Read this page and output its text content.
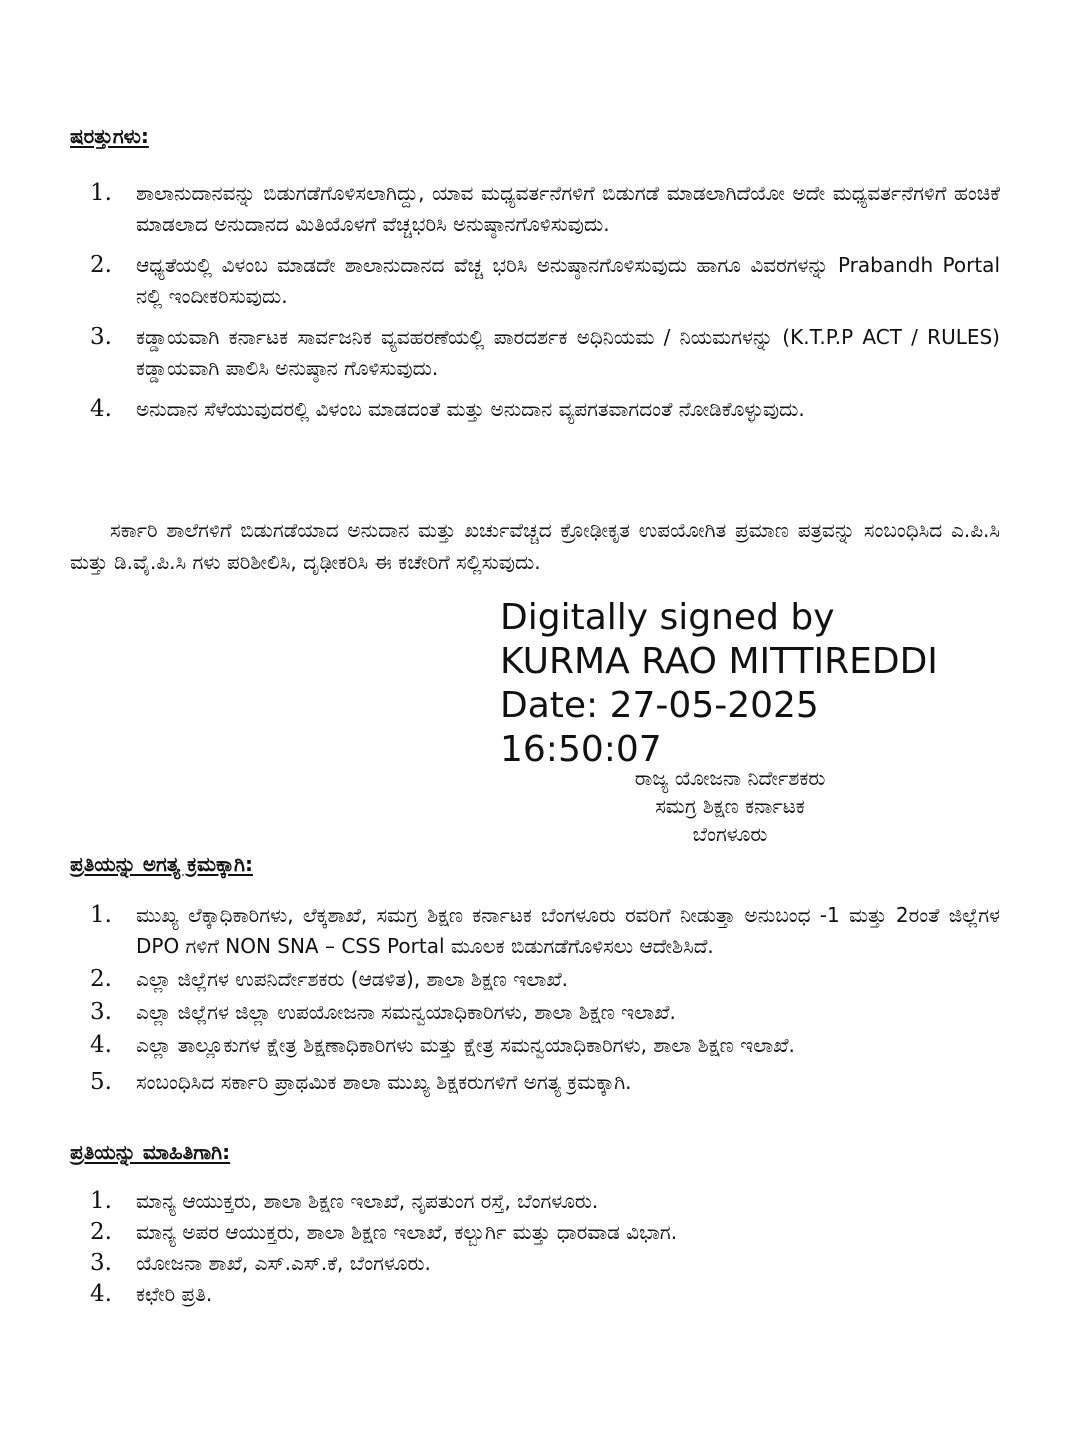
ಷರತ್ತುಗಳು:
1.	ಶಾಲಾನುದಾನವನ್ನು ಬಿಡುಗಡೆಗೊಳಿಸಲಾಗಿದ್ದು, ಯಾವ ಮಧ್ಯವರ್ತನೆಗಳಿಗೆ ಬಿಡುಗಡೆ ಮಾಡಲಾಗಿದೆಯೋ ಅದೇ ಮಧ್ಯವರ್ತನೆಗಳಿಗೆ ಹಂಚಿಕೆ ಮಾಡಲಾದ ಅನುದಾನದ ಮಿತಿಯೊಳಗೆ ವೆಚ್ಚಭರಿಸಿ ಅನುಷ್ಠಾನಗೊಳಿಸುವುದು.
2.	ಆಧ್ಯತೆಯಲ್ಲಿ ವಿಳಂಬ ಮಾಡದೇ ಶಾಲಾನುದಾನದ ವೆಚ್ಚ ಭರಿಸಿ ಅನುಷ್ಠಾನಗೊಳಿಸುವುದು ಹಾಗೂ ವಿವರಗಳನ್ನು Prabandh Portal ನಲ್ಲಿ ಇಂದೀಕರಿಸುವುದು.
3.	ಕಡ್ಡಾಯವಾಗಿ ಕರ್ನಾಟಕ ಸಾರ್ವಜನಿಕ ವ್ಯವಹರಣೆಯಲ್ಲಿ ಪಾರದರ್ಶಕ ಅಧಿನಿಯಮ / ನಿಯಮಗಳನ್ನು (K.T.P.P ACT / RULES) ಕಡ್ಡಾಯವಾಗಿ ಪಾಲಿಸಿ ಅನುಷ್ಠಾನ ಗೊಳಿಸುವುದು.
4.	ಅನುದಾನ ಸೆಳೆಯುವುದರಲ್ಲಿ ವಿಳಂಬ ಮಾಡದಂತೆ ಮತ್ತು ಅನುದಾನ ವ್ಯಪಗತವಾಗದಂತೆ ನೋಡಿಕೊಳ್ಳುವುದು.

ಸರ್ಕಾರಿ ಶಾಲೆಗಳಿಗೆ ಬಿಡುಗಡೆಯಾದ ಅನುದಾನ ಮತ್ತು ಖರ್ಚುವೆಚ್ಚದ ಕ್ರೋಢೀಕೃತ ಉಪಯೋಗಿತ ಪ್ರಮಾಣ ಪತ್ರವನ್ನು ಸಂಬಂಧಿಸಿದ ಎ.ಪಿ.ಸಿ ಮತ್ತು ಡಿ.ವೈ.ಪಿ.ಸಿ ಗಳು ಪರಿಶೀಲಿಸಿ, ದೃಢೀಕರಿಸಿ ಈ ಕಚೇರಿಗೆ ಸಲ್ಲಿಸುವುದು.

Digitally signed by
KURMA RAO MITTIREDDI
Date: 27-05-2025
16:50:07
ರಾಜ್ಯ ಯೋಜನಾ ನಿರ್ದೇಶಕರು
ಸಮಗ್ರ ಶಿಕ್ಷಣ ಕರ್ನಾಟಕ
ಬೆಂಗಳೂರು
ಪ್ರತಿಯನ್ನು ಅಗತ್ಯ ಕ್ರಮಕ್ಕಾಗಿ:
1.	ಮುಖ್ಯ ಲೆಕ್ಕಾಧಿಕಾರಿಗಳು, ಲೆಕ್ಕಶಾಖೆ, ಸಮಗ್ರ ಶಿಕ್ಷಣ ಕರ್ನಾಟಕ ಬೆಂಗಳೂರು ರವರಿಗೆ ನೀಡುತ್ತಾ ಅನುಬಂಧ -1 ಮತ್ತು 2ರಂತೆ ಜಿಲ್ಲೆಗಳ DPO ಗಳಿಗೆ NON SNA – CSS Portal ಮೂಲಕ ಬಿಡುಗಡೆಗೊಳಿಸಲು ಆದೇಶಿಸಿದೆ.
2.	ಎಲ್ಲಾ ಜಿಲ್ಲೆಗಳ ಉಪನಿರ್ದೇಶಕರು (ಆಡಳಿತ), ಶಾಲಾ ಶಿಕ್ಷಣ ಇಲಾಖೆ.
3.	ಎಲ್ಲಾ ಜಿಲ್ಲೆಗಳ ಜಿಲ್ಲಾ ಉಪಯೋಜನಾ ಸಮನ್ವಯಾಧಿಕಾರಿಗಳು, ಶಾಲಾ ಶಿಕ್ಷಣ ಇಲಾಖೆ.
4.	ಎಲ್ಲಾ ತಾಲ್ಲೂಕುಗಳ ಕ್ಷೇತ್ರ ಶಿಕ್ಷಣಾಧಿಕಾರಿಗಳು ಮತ್ತು ಕ್ಷೇತ್ರ ಸಮನ್ವಯಾಧಿಕಾರಿಗಳು, ಶಾಲಾ ಶಿಕ್ಷಣ ಇಲಾಖೆ.
5.	ಸಂಬಂಧಿಸಿದ ಸರ್ಕಾರಿ ಪ್ರಾಥಮಿಕ ಶಾಲಾ ಮುಖ್ಯ ಶಿಕ್ಷಕರುಗಳಿಗೆ ಅಗತ್ಯ ಕ್ರಮಕ್ಕಾಗಿ.
ಪ್ರತಿಯನ್ನು ಮಾಹಿತಿಗಾಗಿ:
1.	ಮಾನ್ಯ ಆಯುಕ್ತರು, ಶಾಲಾ ಶಿಕ್ಷಣ ಇಲಾಖೆ, ನೃಪತುಂಗ ರಸ್ತೆ, ಬೆಂಗಳೂರು.
2.	ಮಾನ್ಯ ಅಪರ ಆಯುಕ್ತರು, ಶಾಲಾ ಶಿಕ್ಷಣ ಇಲಾಖೆ, ಕಲ್ಬುರ್ಗಿ ಮತ್ತು ಧಾರವಾಡ ವಿಭಾಗ.
3.	ಯೋಜನಾ ಶಾಖೆ, ಎಸ್.ಎಸ್.ಕೆ, ಬೆಂಗಳೂರು.
4.	ಕಛೇರಿ ಪ್ರತಿ.
